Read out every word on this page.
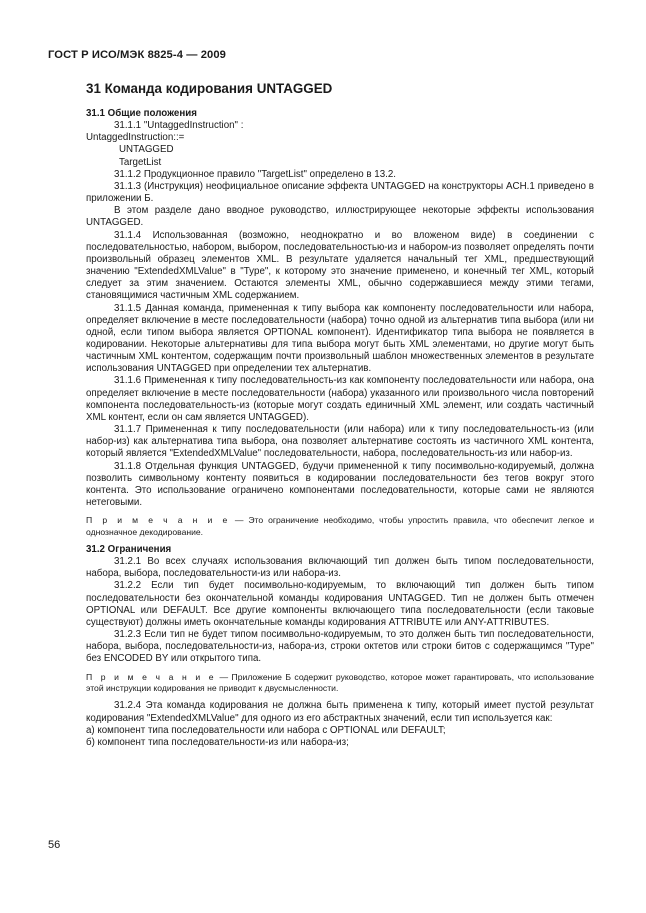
ГОСТ Р ИСО/МЭК 8825-4 — 2009
31 Команда кодирования UNTAGGED

31.1 Общие положения

31.1.1 "UntaggedInstruction" :

UntaggedInstruction::=

UNTAGGED

TargetList

31.1.2 Продукционное правило "TargetList" определено в 13.2.

31.1.3 (Инструкция) неофициальное описание эффекта UNTAGGED на конструкторы ACH.1 приведено в приложении Б.

В этом разделе дано вводное руководство, иллюстрирующее некоторые эффекты использования UNTAGGED.

31.1.4 Использованная (возможно, неоднократно и во вложеном виде) в соединении с последовательностью, набором, выбором, последовательностью-из и набором-из позволяет определять почти произвольный образец элементов XML. В результате удаляется начальный тег XML, предшествующий значению "ExtendedXMLValue" в "Type", к которому это значение применено, и конечный тег XML, который следует за этим значением. Остаются элементы XML, обычно содержавшиеся между этими тегами, становящимися частичным XML содержанием.

31.1.5 Данная команда, примененная к типу выбора как компоненту последовательности или набора, определяет включение в месте последовательности (набора) точно одной из альтернатив типа выбора (или ни одной, если типом выбора является OPTIONAL компонент). Идентификатор типа выбора не появляется в кодировании. Некоторые альтернативы для типа выбора могут быть XML элементами, но другие могут быть частичным XML контентом, содержащим почти произвольный шаблон множественных элементов в результате использования UNTAGGED при определении тех альтернатив.

31.1.6 Примененная к типу последовательность-из как компоненту последовательности или набора, она определяет включение в месте последовательности (набора) указанного или произвольного числа повторений компонента последовательность-из (которые могут создать единичный XML элемент, или создать частичный XML контент, если он сам является UNTAGGED).

31.1.7 Примененная к типу последовательности (или набора) или к типу последовательность-из (или набор-из) как альтернатива типа выбора, она позволяет альтернативе состоять из частичного XML контента, который является "ExtendedXMLValue" последовательности, набора, последовательность-из или набор-из.

31.1.8 Отдельная функция UNTAGGED, будучи примененной к типу посимвольно-кодируемый, должна позволить символьному контенту появиться в кодировании последовательности без тегов вокруг этого контента. Это использование ограничено компонентами последовательности, которые сами не являются нетеговыми.

П р и м е ч а н и е — Это ограничение необходимо, чтобы упростить правила, что обеспечит легкое и однозначное декодирование.

31.2 Ограничения

31.2.1 Во всех случаях использования включающий тип должен быть типом последовательности, набора, выбора, последовательности-из или набора-из.

31.2.2 Если тип будет посимвольно-кодируемым, то включающий тип должен быть типом последовательности без окончательной команды кодирования UNTAGGED. Тип не должен быть отмечен OPTIONAL или DEFAULT. Все другие компоненты включающего типа последовательности (если таковые существуют) должны иметь окончательные команды кодирования ATTRIBUTE или ANY-ATTRIBUTES.

31.2.3 Если тип не будет типом посимвольно-кодируемым, то это должен быть тип последовательности, набора, выбора, последовательности-из, набора-из, строки октетов или строки битов с содержащимся "Type" без ENCODED BY или открытого типа.

П р и м е ч а н и е — Приложение Б содержит руководство, которое может гарантировать, что использование этой инструкции кодирования не приводит к двусмысленности.

31.2.4 Эта команда кодирования не должна быть применена к типу, который имеет пустой результат кодирования "ExtendedXMLValue" для одного из его абстрактных значений, если тип используется как:

а) компонент типа последовательности или набора с OPTIONAL или DEFAULT;

б) компонент типа последовательности-из или набора-из;

56
